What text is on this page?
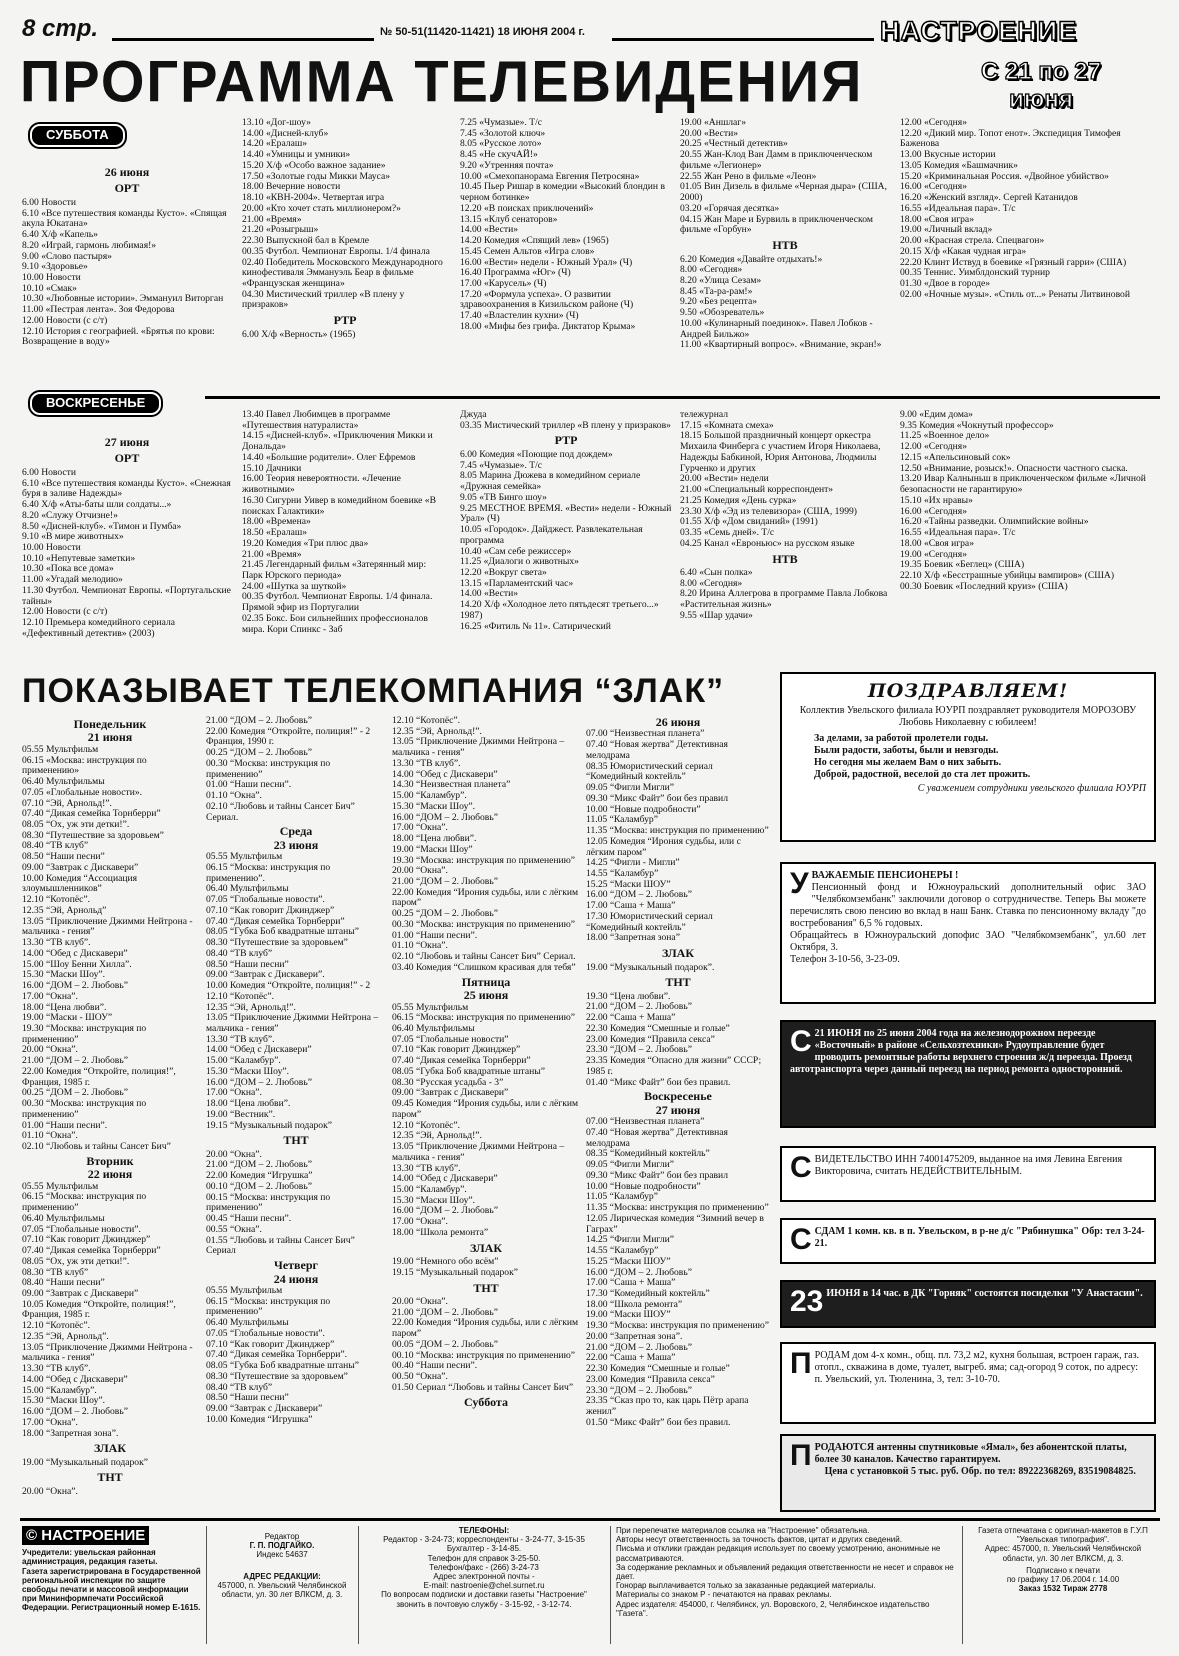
8 стр.	№ 50-51(11420-11421) 18 ИЮНЯ 2004 г.	НАСТРОЕНИЕ
ПРОГРАММА ТЕЛЕВИДЕНИЯ	С 21 по 27
июня
СУББОТА
26 июня
ОРТ
6.00 Новости
6.10 «Все путешествия команды Кусто». «Спящая акула Юкатана»
6.40 Х/ф «Капель»
8.20 «Играй, гармонь любимая!»
9.00 «Слово пастыря»
9.10 «Здоровье»
10.00 Новости
10.10 «Смак»
10.30 «Любовные истории». Эммануил Виторган
11.00 «Пестрая лента». Зоя Федорова
12.00 Новости (с с/т)
12.10 История с географией. «Брятья по крови: Возвращение в воду»
13.10 «Дог-шоу»
14.00 «Дисней-клуб»
14.20 «Ералаш»
14.40 «Умницы и умники»
15.20 Х/ф «Особо важное задание»
17.50 «Золотые годы Микки Мауса»
18.00 Вечерние новости
18.10 «КВН-2004». Четвертая игра
20.00 «Кто хочет стать миллионером?»
21.00 «Время»
21.20 «Розыгрыш»
22.30 Выпускной бал в Кремле
00.35 Футбол. Чемпионат Европы. 1/4 финала
02.40 Победитель Московского Международного кинофестиваля Эммануэль Беар в фильме «Французская женщина»
04.30 Мистический триллер «В плену у призраков»
РТР
6.00 Х/ф «Верность» (1965)
7.25 «Чумазые». Т/с
7.45 «Золотой ключ»
8.05 «Русское лото»
8.45 «Не скучАЙ!»
9.20 «Утренняя почта»
10.00 «Смехопанорама Евгения Петросяна»
10.45 Пьер Ришар в комедии «Высокий блондин в черном ботинке»
12.20 «В поисках приключений»
13.15 «Клуб сенаторов»
14.00 «Вести»
14.20 Комедия «Спящий лев» (1965)
15.45 Семен Альтов «Игра слов»
16.00 «Вести» недели - Южный Урал» (Ч)
16.40 Программа «Юг» (Ч)
17.00 «Карусель» (Ч)
17.20 «Формула успеха». О развитии здравоохранения в Кизильском районе (Ч)
17.40 «Властелин кухни» (Ч)
18.00 «Мифы без грифа. Диктатор Крыма»
19.00 «Аншлаг»
20.00 «Вести»
20.25 «Честный детектив»
20.55 Жан-Клод Ван Дамм в приключенческом фильме «Легионер»
22.55 Жан Рено в фильме «Леон»
01.05 Вин Дизель в фильме «Черная дыра» (США, 2000)
03.20 «Горячая десятка»
04.15 Жан Маре и Бурвиль в приключенческом фильме «Горбун»
НТВ
6.20 Комедия «Давайте отдыхать!»
8.00 «Сегодня»
8.20 «Улица Сезам»
8.45 «Та-ра-рам!»
9.20 «Без рецепта»
9.50 «Обозреватель»
10.00 «Кулинарный поединок». Павел Лобков - Андрей Бильжо»
11.00 «Квартирный вопрос». «Внимание, экран!»
12.00 «Сегодня»
12.20 «Дикий мир. Топот енот». Экспедиция Тимофея Баженова
13.00 Вкусные истории
13.05 Комедия «Башмачник»
15.20 «Криминальная Россия. «Двойное убийство»
16.00 «Сегодня»
16.20 «Женский взгляд». Сергей Катанидов
16.55 «Идеальная пара». Т/с
18.00 «Своя игра»
19.00 «Личный вклад»
20.00 «Красная стрела. Спецвагон»
20.15 Х/ф «Какая чудная игра»
22.20 Клинт Иствуд в боевике «Грязный гарри» (США)
00.35 Теннис. Уимблдонский турнир
01.30 «Двое в городе»
02.00 «Ночные музы». «Стиль от...» Ренаты Литвиновой
ВОСКРЕСЕНЬЕ
27 июня
ОРТ
6.00 Новости
6.10 «Все путешествия команды Кусто». «Снежная буря в заливе Надежды»
6.40 Х/ф «Аты-баты шли солдаты...»
8.20 «Служу Отчизне!»
8.50 «Дисней-клуб». «Тимон и Пумба»
9.10 «В мире животных»
10.00 Новости
10.10 «Непутевые заметки»
10.30 «Пока все дома»
11.00 «Угадай мелодию»
11.30 Футбол. Чемпионат Европы. «Португальские тайны»
12.00 Новости (с с/т)
12.10 Премьера комедийного сериала «Дефективный детектив» (2003)
13.40 Павел Любимцев в программе «Путешествия натуралиста»
14.15 «Дисней-клуб». «Приключения Микки и Дональда»
14.40 «Большие родители». Олег Ефремов
15.10 Дачники
16.00 Теория невероятности. «Лечение животными»
16.30 Сигурни Уивер в комедийном боевике «В поисках Галактики»
18.00 «Времена»
18.50 «Ералаш»
19.20 Комедия «Три плюс два»
21.00 «Время»
21.45 Легендарный фильм «Затерянный мир: Парк Юрского периода»
24.00 «Шутка за шуткой»
00.35 Футбол. Чемпионат Европы. 1/4 финала. Прямой эфир из Португалии
02.35 Бокс. Бои сильнейших профессионалов мира. Кори Спинкс - Заб
Джуда
03.35 Мистический триллер «В плену у призраков»
РТР
6.00 Комедия «Поющие под дождем»
7.45 «Чумазые». Т/с
8.05 Марина Дюжева в комедийном сериале «Дружная семейка»
9.05 «ТВ Бинго шоу»
9.25 МЕСТНОЕ ВРЕМЯ. «Вести» недели - Южный Урал» (Ч)
10.05 «Городок». Дайджест. Развлекательная программа
10.40 «Сам себе режиссер»
11.25 «Диалоги о животных»
12.20 «Вокруг света»
13.15 «Парламентский час»
14.00 «Вести»
14.20 Х/ф «Холодное лето пятьдесят третьего...» 1987)
16.25 «Фитиль № 11». Сатирический
тележурнал
17.15 «Комната смеха»
18.15 Большой праздничный концерт оркестра Михаила Финберга с участием Игоря Николаева, Надежды Бабкиной, Юрия Антонова, Людмилы Гурченко и других
20.00 «Вести» недели
21.00 «Специальный корреспондент»
21.25 Комедия «День сурка»
23.30 Х/ф «Эд из телевизора» (США, 1999)
01.55 Х/ф «Дом свиданий» (1991)
03.35 «Семь дней». Т/с
04.25 Канал «Евроньюс» на русском языке
НТВ
6.40 «Сын полка»
8.00 «Сегодня»
8.20 Ирина Аллегрова в программе Павла Лобкова «Растительная жизнь»
9.55 «Шар удачи»
9.00 «Едим дома»
9.35 Комедия «Чокнутый профессор»
11.25 «Военное дело»
12.00 «Сегодня»
12.15 «Апельсиновый сок»
12.50 «Внимание, розыск!». Опасности частного сыска.
13.20 Ивар Калныньш в приключенческом фильме «Личной безопасности не гарантирую»
15.10 «Их нравы»
16.00 «Сегодня»
16.20 «Тайны разведки. Олимпийские войны»
16.55 «Идеальная пара». Т/с
18.00 «Своя игра»
19.00 «Сегодня»
19.35 Боевик «Беглец» (США)
22.10 Х/ф «Бесстрашные убийцы вампиров» (США)
00.30 Боевик «Последний круиз» (США)
ПОКАЗЫВАЕТ ТЕЛЕКОМПАНИЯ “ЗЛАК”
Понедельник
21 июня
05.55 Мультфильм
06.15 «Москва: инструкция по применению»
06.40 Мультфильмы
07.05 «Глобальные новости».
07.10 “Эй, Арнольд!”.
07.40 “Дикая семейка Торнберри”
08.05 “Ох, уж эти детки!”.
08.30 “Путешествие за здоровьем”
08.40 “ТВ клуб”
08.50 “Наши песни”
09.00 “Завтрак с Дискавери”
10.00 Комедия “Ассоциация злоумышленников”
12.10 “Котопёс”.
12.35 “Эй, Арнольд”
13.05 “Приключение Джимми Нейтрона - мальчика - гения”
13.30 “ТВ клуб”.
14.00 “Обед с Дискавери”
15.00 “Шоу Бенни Хилла”.
15.30 “Маски Шоу”.
16.00 “ДОМ – 2. Любовь”
17.00 “Окна”.
18.00 “Цена любви”.
19.00 “Маски - ШОУ”
19.30 “Москва: инструкция по применению”
20.00 “Окна”.
21.00 “ДОМ – 2. Любовь”
22.00 Комедия “Откройте, полиция!”, Франция, 1985 г.
00.25 “ДОМ – 2. Любовь”
00.30 “Москва: инструкция по применению”
01.00 “Наши песни”.
01.10 “Окна”.
02.10 “Любовь и тайны Сансет Бич”
Вторник
22 июня
05.55 Мультфильм
06.15 “Москва: инструкция по применению”
06.40 Мультфильмы
07.05 “Глобальные новости”.
07.10 “Как говорит Джинджер”
07.40 “Дикая семейка Торнберри”
08.05 “Ох, уж эти детки!”.
08.30 “ТВ клуб”
08.40 “Наши песни”
09.00 “Завтрак с Дискавери”
10.05 Комедия “Откройте, полиция!”, Франция, 1985 г.
12.10 “Котопёс”.
12.35 “Эй, Арнольд”.
13.05 “Приключение Джимми Нейтрона - мальчика - гения”
13.30 “ТВ клуб”.
14.00 “Обед с Дискавери”
15.00 “Каламбур”.
15.30 “Маски Шоу”.
16.00 “ДОМ – 2. Любовь”
17.00 “Окна”.
18.00 “Запретная зона”.
ЗЛАК
19.00 “Музыкальный подарок”
ТНТ
20.00 “Окна”.
21.00 “ДОМ – 2. Любовь”
22.00 Комедия “Откройте, полиция!” - 2 Франция, 1990 г.
00.25 “ДОМ – 2. Любовь”
00.30 “Москва: инструкция по применению”
01.00 “Наши песни”.
01.10 “Окна”.
02.10 “Любовь и тайны Сансет Бич” Сериал.
Среда
23 июня
05.55 Мультфильм
06.15 “Москва: инструкция по применению”.
06.40 Мультфильмы
07.05 “Глобальные новости”.
07.10 “Как говорит Джинджер”
07.40 “Дикая семейка Торнберри”
08.05 “Губка Боб квадратные штаны”
08.30 “Путешествие за здоровьем”
08.40 “ТВ клуб”
08.50 “Наши песни”
09.00 “Завтрак с Дискавери”.
10.00 Комедия “Откройте, полиция!” - 2
12.10 “Котопёс”.
12.35 “Эй, Арнольд!”.
13.05 “Приключение Джимми Нейтрона – мальчика - гения”
13.30 “ТВ клуб”.
14.00 “Обед с Дискавери”
15.00 “Каламбур”.
15.30 “Маски Шоу”.
16.00 “ДОМ – 2. Любовь”
17.00 “Окна”.
18.00 “Цена любви”.
19.00 “Вестник”.
19.15 “Музыкальный подарок”
ТНТ
20.00 “Окна”.
21.00 “ДОМ – 2. Любовь”
22.00 Комедия “Игрушка”
00.10 “ДОМ – 2. Любовь”
00.15 “Москва: инструкция по применению”
00.45 “Наши песни”.
00.55 “Окна”.
01.55 “Любовь и тайны Сансет Бич” Сериал
Четверг
24 июня
05.55 Мультфильм
06.15 “Москва: инструкция по применению”
06.40 Мультфильмы
07.05 “Глобальные новости”.
07.10 “Как говорит Джинджер”
07.40 “Дикая семейка Торнберри”.
08.05 “Губка Боб квадратные штаны”
08.30 “Путешествие за здоровьем”
08.40 “ТВ клуб”
08.50 “Наши песни”
09.00 “Завтрак с Дискавери”
10.00 Комедия “Игрушка”
12.10 “Котопёс”.
12.35 “Эй, Арнольд!”.
13.05 “Приключение Джимми Нейтрона – мальчика - гения”
13.30 “ТВ клуб”.
14.00 “Обед с Дискавери”
14.30 “Неизвестная планета”
15.00 “Каламбур”.
15.30 “Маски Шоу”.
16.00 “ДОМ – 2. Любовь”
17.00 “Окна”.
18.00 “Цена любви”.
19.00 “Маски Шоу”
19.30 “Москва: инструкция по применению”
20.00 “Окна”.
21.00 “ДОМ – 2. Любовь”
22.00 Комедия “Ирония судьбы, или с лёгким паром”
00.25 “ДОМ – 2. Любовь”
00.30 “Москва: инструкция по применению”
01.00 “Наши песни”.
01.10 “Окна”.
02.10 “Любовь и тайны Сансет Бич” Сериал.
03.40 Комедия “Слишком красивая для тебя”
Пятница
25 июня
05.55 Мультфильм
06.15 “Москва: инструкция по применению”
06.40 Мультфильмы
07.05 “Глобальные новости”
07.10 “Как говорит Джинджер”
07.40 “Дикая семейка Торнберри”
08.05 “Губка Боб квадратные штаны”
08.30 “Русская усадьба - 3”
09.00 “Завтрак с Дискавери”
09.45 Комедия “Ирония судьбы, или с лёгким паром”
12.10 “Котопёс”.
12.35 “Эй, Арнольд!”.
13.05 “Приключение Джимми Нейтрона – мальчика - гения”
13.30 “ТВ клуб”.
14.00 “Обед с Дискавери”
15.00 “Каламбур”.
15.30 “Маски Шоу”.
16.00 “ДОМ – 2. Любовь”
17.00 “Окна”.
18.00 “Школа ремонта”
ЗЛАК
19.00 “Немного обо всём”
19.15 “Музыкальный подарок”
ТНТ
20.00 “Окна”.
21.00 “ДОМ – 2. Любовь”
22.00 Комедия “Ирония судьбы, или с лёгким паром”
00.05 “ДОМ – 2. Любовь”
00.10 “Москва: инструкция по применению”
00.40 “Наши песни”.
00.50 “Окна”.
01.50 Сериал “Любовь и тайны Сансет Бич”
Суббота
26 июня
07.00 “Неизвестная планета”
07.40 “Новая жертва” Детективная мелодрама
08.35 Юмористический сериал “Комедийный коктейль”
09.05 “Фигли Мигли”
09.30 “Микс Файт” бои без правил
10.00 “Новые подробности”
11.05 “Каламбур”
11.35 “Москва: инструкция по применению”
12.05 Комедия “Ирония судьбы, или с лёгким паром”
14.25 “Фигли - Мигли”
14.55 “Каламбур”
15.25 “Маски ШОУ”
16.00 “ДОМ – 2. Любовь”
17.00 “Саша + Маша”
17.30 Юмористический сериал “Комедийный коктейль”
18.00 “Запретная зона”
ЗЛАК
19.00 “Музыкальный подарок”.
ТНТ
19.30 “Цена любви”.
21.00 “ДОМ – 2. Любовь”
22.00 “Саша + Маша”
22.30 Комедия “Смешные и голые”
23.00 Комедия “Правила секса”
23.30 “ДОМ – 2. Любовь”
23.35 Комедия “Опасно для жизни” СССР; 1985 г.
01.40 “Микс Файт” бои без правил.
Воскресенье
27 июня
07.00 “Неизвестная планета”
07.40 “Новая жертва” Детективная мелодрама
08.35 “Комедийный коктейль”
09.05 “Фигли Мигли”
09.30 “Микс Файт” бои без правил
10.00 “Новые подробности”
11.05 “Каламбур”
11.35 “Москва: инструкция по применению”
12.05 Лирическая комедия “Зимний вечер в Гаграх”
14.25 “Фигли Мигли”
14.55 “Каламбур”
15.25 “Маски ШОУ”
16.00 “ДОМ – 2. Любовь”
17.00 “Саша + Маша”
17.30 “Комедийный коктейль”
18.00 “Школа ремонта”
19.00 “Маски ШОУ”
19.30 “Москва: инструкция по применению”
20.00 “Запретная зона”.
21.00 “ДОМ – 2. Любовь”
22.00 “Саша + Маша”
22.30 Комедия “Смешные и голые”
23.00 Комедия “Правила секса”
23.30 “ДОМ – 2. Любовь”
23.35 “Сказ про то, как царь Пётр арапа женил”
01.50 “Микс Файт” бои без правил.
ПОЗДРАВЛЯЕМ!
Коллектив Увельского филиала ЮУРП поздравляет руководителя МОРОЗОВУ Любовь Николаевну с юбилеем!
За делами, за работой пролетели годы.
Были радости, заботы, были и невзгоды.
Но сегодня мы желаем Вам о них забыть.
Доброй, радостной, веселой до ста лет прожить.
С уважением сотрудники увельского филиала ЮУРП
У ВАЖАЕМЫЕ ПЕНСИОНЕРЫ !
Пенсионный фонд и Южноуральский дополнительный офис ЗАО "Челябкомзембанк" заключили договор о сотрудничестве. Теперь Вы можете перечислять свою пенсию во вклад в наш Банк. Ставка по пенсионному вкладу "до востребования" 6,5 % годовых.
Обращайтесь в Южноуральский допофис ЗАО "Челябкомзембанк", ул.60 лет Октября, 3.
Телефон 3-10-56, 3-23-09.
С 21 ИЮНЯ по 25 июня 2004 года на железнодорожном переезде «Восточный» в районе «Сельхозтехники» Рудоуправление будет проводить ремонтные работы верхнего строения ж/д переезда. Проезд автотранспорта через данный переезд на период ремонта односторонний.
С ВИДЕТЕЛЬСТВО ИНН 74001475209, выданное на имя Левина Евгения Викторовича, считать НЕДЕЙСТВИТЕЛЬНЫМ.
С СДАМ 1 комн. кв. в п. Увельском, в р-не д/с "Рябинушка" Обр: тел 3-24-21.
23 ИЮНЯ в 14 час. в ДК "Горняк" состоятся посиделки "У Анастасии".
П РОДАМ дом 4-х комн., общ. пл. 73,2 м2, кухня большая, встроен гараж, газ. отопл., скважина в доме, туалет, выгреб. яма; сад-огород 9 соток, по адресу: п. Увельский, ул. Тюленина, 3, тел: 3-10-70.
П РОДАЮТСЯ антенны спутниковые «Ямал», без абонентской платы, более 30 каналов. Качество гарантируем.
Цена с установкой 5 тыс. руб. Обр. по тел: 89222368269, 83519084825.
© НАСТРОЕНИЕ
Учредители: увельская районная администрация, редакция газеты.
Газета зарегистрирована в Государственной региональной инспекции по защите свободы печати и массовой информации при Мининформпечати Российской Федерации. Регистрационный номер Е-1615.
Редактор
Г. П. ПОДГАЙКО.
Индекс 54637
АДРЕС РЕДАКЦИИ:
457000, п. Увельский Челябинской области, ул. 30 лет ВЛКСМ, д. 3.
ТЕЛЕФОНЫ:
Редактор - 3-24-73; корреспонденты - 3-24-77, 3-15-35
Бухгалтер - 3-14-85.
Телефон для справок 3-25-50.
Телефон/факс - (266) 3-24-73
Адрес электронной почты -
E-mail: nastroenie@chel.surnet.ru
По вопросам подписки и доставки газеты "Настроение"
звонить в почтовую службу - 3-15-92, - 3-12-74.
При перепечатке материалов ссылка на "Настроение" обязательна.
Авторы несут ответственность за точность фактов, цитат и других сведений.
Письма и отклики граждан редакция использует по своему усмотрению, анонимные не рассматриваются.
За содержание рекламных и объявлений редакция ответственности не несет и справок не дает.
Гонорар выплачивается только за заказанные редакцией материалы.
Материалы со знаком Р - печатаются на правах рекламы.
Адрес издателя: 454000, г. Челябинск, ул. Воровского, 2, Челябинское издательство "Газета".
Газета отпечатана с оригинал-макетов в Г.У.П "Увельская типография".
Адрес: 457000, п. Увельский Челябинской области, ул. 30 лет ВЛКСМ, д. 3.
Подписано к печати
по графику 17.06.2004 г. 14.00
Заказ 1532 Тираж 2778
